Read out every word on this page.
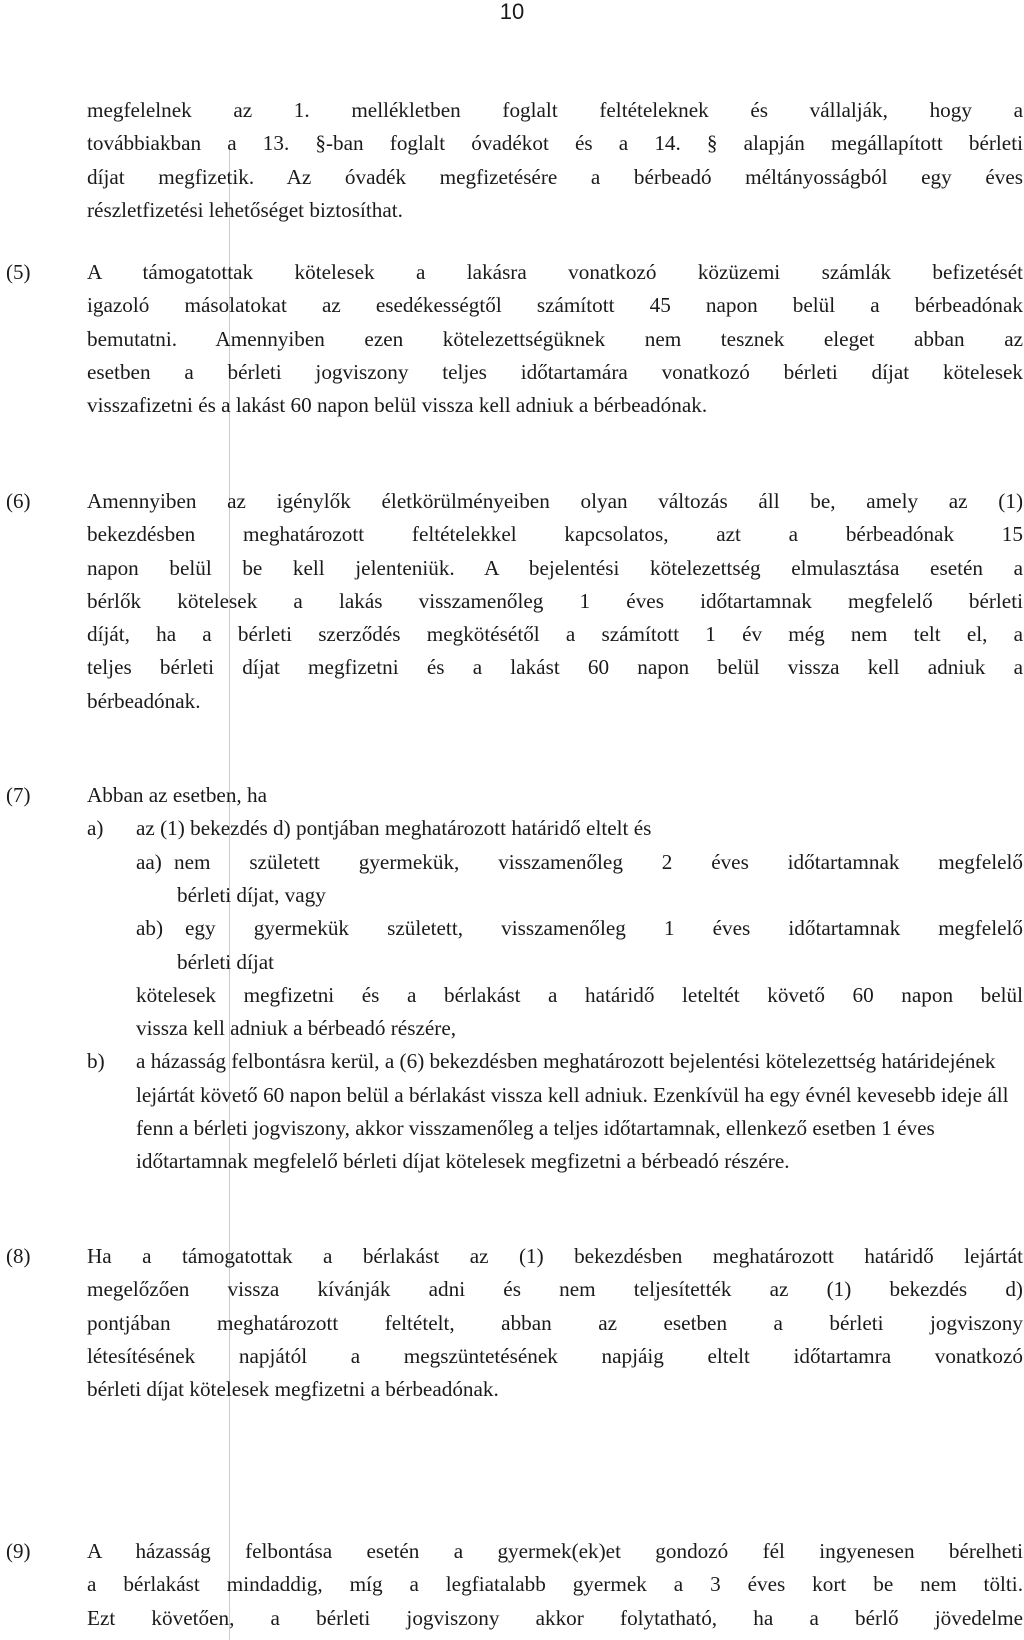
10
megfelelnek az 1. mellékletben foglalt feltételeknek és vállalják, hogy a
továbbiakban a 13. §-ban foglalt óvadékot és a 14. § alapján megállapított bérleti
díjat megfizetik. Az óvadék megfizetésére a bérbeadó méltányosságból egy éves
részletfizetési lehetőséget biztosíthat.
(5)	A támogatottak kötelesek a lakásra vonatkozó közüzemi számlák befizetését
igazoló másolatokat az esedékességtől számított 45 napon belül a bérbeadónak
bemutatni. Amennyiben ezen kötelezettségüknek nem tesznek eleget abban az
esetben a bérleti jogviszony teljes időtartamára vonatkozó bérleti díjat kötelesek
visszafizetni és a lakást 60 napon belül vissza kell adniuk a bérbeadónak.
(6)	Amennyiben az igénylők életkörülményeiben olyan változás áll be, amely az (1)
bekezdésben meghatározott feltételekkel kapcsolatos, azt a bérbeadónak 15
napon belül be kell jelenteniük. A bejelentési kötelezettség elmulasztása esetén a
bérlők kötelesek a lakás visszamenőleg 1 éves időtartamnak megfelelő bérleti
díját, ha a bérleti szerződés megkötésétől a számított 1 év még nem telt el, a
teljes bérleti díjat megfizetni és a lakást 60 napon belül vissza kell adniuk a
bérbeadónak.
(7)	Abban az esetben, ha
a) az (1) bekezdés d) pontjában meghatározott határidő eltelt és
aa) nem született gyermekük, visszamenőleg 2 éves időtartamnak megfelelő
bérleti díjat, vagy
ab) egy gyermekük született, visszamenőleg 1 éves időtartamnak megfelelő
bérleti díjat
kötelesek megfizetni és a bérlakást a határidő leteltét követő 60 napon belül
vissza kell adniuk a bérbeadó részére,
b) a házasság felbontásra kerül, a (6) bekezdésben meghatározott bejelentési kötelezettség határidejének lejártát követő 60 napon belül a bérlakást vissza kell adniuk. Ezenkívül ha egy évnél kevesebb ideje áll fenn a bérleti jogviszony, akkor visszamenőleg a teljes időtartamnak, ellenkező esetben 1 éves időtartamnak megfelelő bérleti díjat kötelesek megfizetni a bérbeadó részére.
(8)	Ha a támogatottak a bérlakást az (1) bekezdésben meghatározott határidő lejártát
megelőzően vissza kívánják adni és nem teljesítették az (1) bekezdés d)
pontjában meghatározott feltételt, abban az esetben a bérleti jogviszony
létesítésének napjától a megszüntetésének napjáig eltelt időtartamra vonatkozó
bérleti díjat kötelesek megfizetni a bérbeadónak.
(9)	A házasság felbontása esetén a gyermek(ek)et gondozó fél ingyenesen bérelheti
a bérlakást mindaddig, míg a legfiatalabb gyermek a 3 éves kort be nem tölti.
Ezt követően, a bérleti jogviszony akkor folytatható, ha a bérlő jövedelme
